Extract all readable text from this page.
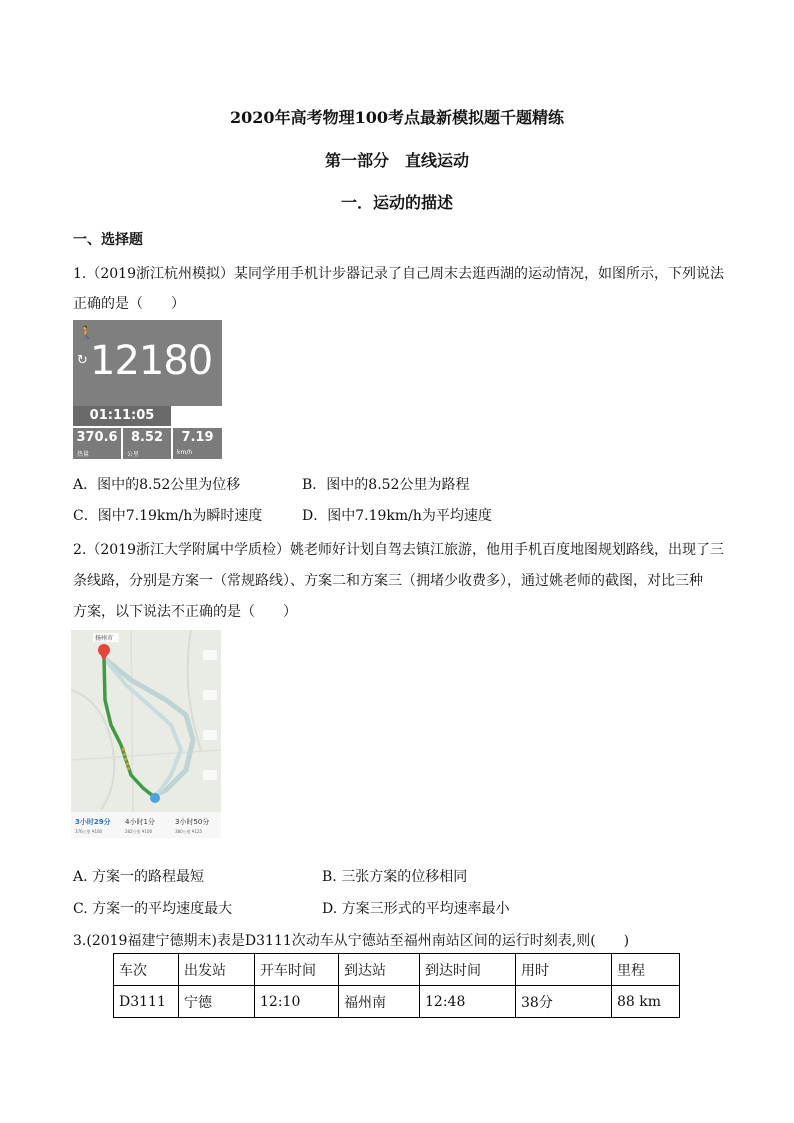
2020年高考物理100考点最新模拟题千题精练
第一部分　直线运动
一．运动的描述
一、选择题
1.（2019浙江杭州模拟）某同学用手机计步器记录了自己周末去逛西湖的运动情况，如图所示，下列说法
正确的是（　　）
🚶
↻ 12180
01:11:05
370.6
热量
8.52
公里
7.19
km/h
A．图中的8.52公里为位移	B．图中的8.52公里为路程
C．图中7.19km/h为瞬时速度	D．图中7.19km/h为平均速度
2.（2019浙江大学附属中学质检）姚老师好计划自驾去镇江旅游，他用手机百度地图规划路线，出现了三
条线路，分别是方案一（常规路线）、方案二和方案三（拥堵少收费多），通过姚老师的截图，对比三种
方案，以下说法不正确的是（　　）
扬州市
3小时29分
376公里 ¥100
4小时1分
282公里 ¥100
3小时50分
380公里 ¥125
A. 方案一的路程最短	B. 三张方案的位移相同
C. 方案一的平均速度最大	D. 方案三形式的平均速率最小
3.(2019福建宁德期末)表是D3111次动车从宁德站至福州南站区间的运行时刻表,则(　　)
车次	出发站	开车时间	到达站	到达时间	用时	里程
D3111	宁德	12:10	福州南	12:48	38分	88 km
